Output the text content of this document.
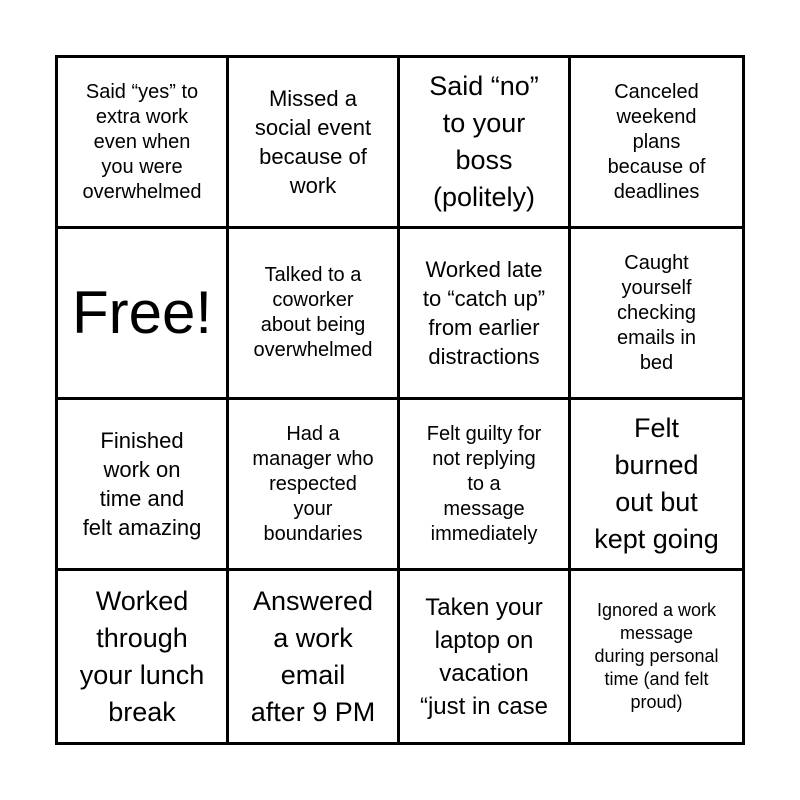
Said “yes” to
extra work
even when
you were
overwhelmed
Missed a
social event
because of
work
Said “no”
to your
boss
(politely)
Canceled
weekend
plans
because of
deadlines
Free!
Talked to a
coworker
about being
overwhelmed
Worked late
to “catch up”
from earlier
distractions
Caught
yourself
checking
emails in
bed
Finished
work on
time and
felt amazing
Had a
manager who
respected
your
boundaries
Felt guilty for
not replying
to a
message
immediately
Felt
burned
out but
kept going
Worked
through
your lunch
break
Answered
a work
email
after 9 PM
Taken your
laptop on
vacation
“just in case
Ignored a work
message
during personal
time (and felt
proud)
